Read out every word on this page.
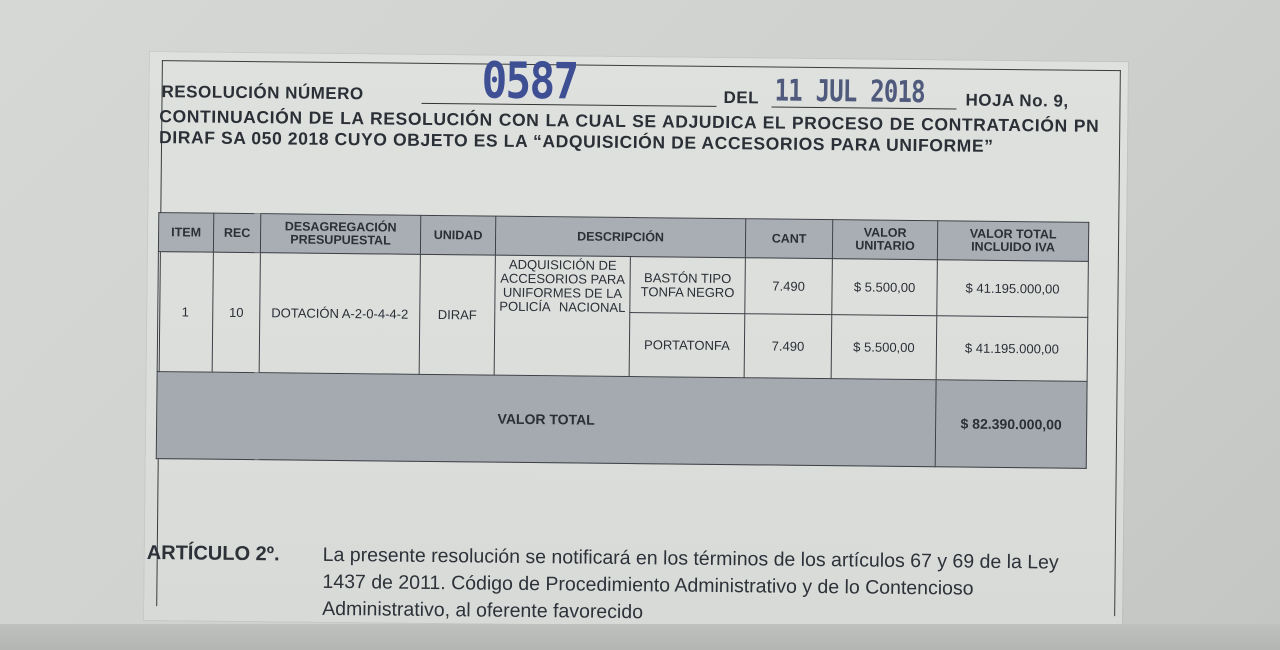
RESOLUCIÓN NÚMERO 0587	DEL 11 JUL 2018 HOJA No. 9,
CONTINUACIÓN DE LA RESOLUCIÓN CON LA CUAL SE ADJUDICA EL PROCESO DE CONTRATACIÓN PN DIRAF SA 050 2018 CUYO OBJETO ES LA “ADQUISICIÓN DE ACCESORIOS PARA UNIFORME”
ITEM	REC	DESAGREGACIÓN PRESUPUESTAL	UNIDAD	DESCRIPCIÓN		CANT	VALOR UNITARIO	VALOR TOTAL INCLUIDO IVA
1	10	DOTACIÓN A-2-0-4-4-2	DIRAF	ADQUISICIÓN DE ACCESORIOS PARA UNIFORMES DE LA POLICÍA NACIONAL	BASTÓN TIPO TONFA NEGRO	7.490	$ 5.500,00	$ 41.195.000,00
					PORTATONFA	7.490	$ 5.500,00	$ 41.195.000,00
VALOR TOTAL								$ 82.390.000,00
ARTÍCULO 2º. La presente resolución se notificará en los términos de los artículos 67 y 69 de la Ley 1437 de 2011. Código de Procedimiento Administrativo y de lo Contencioso Administrativo, al oferente favorecido
